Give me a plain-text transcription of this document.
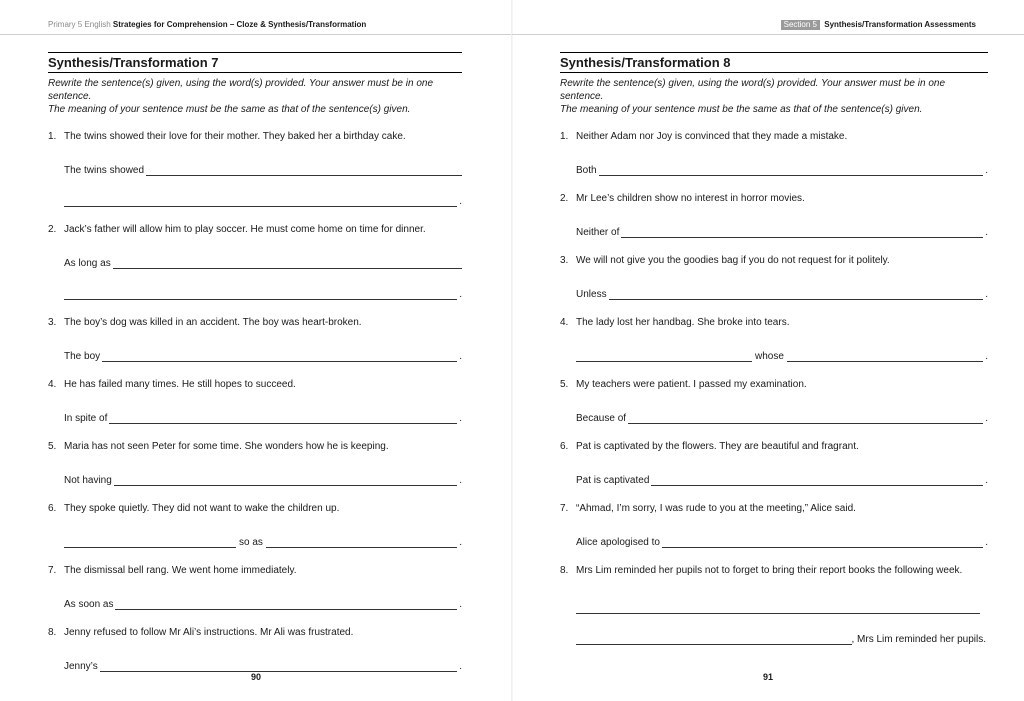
Primary 5 English Strategies for Comprehension – Cloze & Synthesis/Transformation
Synthesis/Transformation 7
Rewrite the sentence(s) given, using the word(s) provided. Your answer must be in one sentence.
The meaning of your sentence must be the same as that of the sentence(s) given.
1. The twins showed their love for their mother. They baked her a birthday cake.
The twins showed
.
2. Jack’s father will allow him to play soccer. He must come home on time for dinner.
As long as
.
3. The boy’s dog was killed in an accident. The boy was heart-broken.
The boy	.
4. He has failed many times. He still hopes to succeed.
In spite of	.
5. Maria has not seen Peter for some time. She wonders how he is keeping.
Not having	.
6. They spoke quietly. They did not want to wake the children up.
so as	.
7. The dismissal bell rang. We went home immediately.
As soon as	.
8. Jenny refused to follow Mr Ali’s instructions. Mr Ali was frustrated.
Jenny’s	.
90
Section 5 Synthesis/Transformation Assessments
Synthesis/Transformation 8
Rewrite the sentence(s) given, using the word(s) provided. Your answer must be in one sentence.
The meaning of your sentence must be the same as that of the sentence(s) given.
1. Neither Adam nor Joy is convinced that they made a mistake.
Both	.
2. Mr Lee’s children show no interest in horror movies.
Neither of	.
3. We will not give you the goodies bag if you do not request for it politely.
Unless	.
4. The lady lost her handbag. She broke into tears.
whose	.
5. My teachers were patient. I passed my examination.
Because of	.
6. Pat is captivated by the flowers. They are beautiful and fragrant.
Pat is captivated	.
7. “Ahmad, I’m sorry, I was rude to you at the meeting,” Alice said.
Alice apologised to	.
8. Mrs Lim reminded her pupils not to forget to bring their report books the following week.
, Mrs Lim reminded her pupils.
91
